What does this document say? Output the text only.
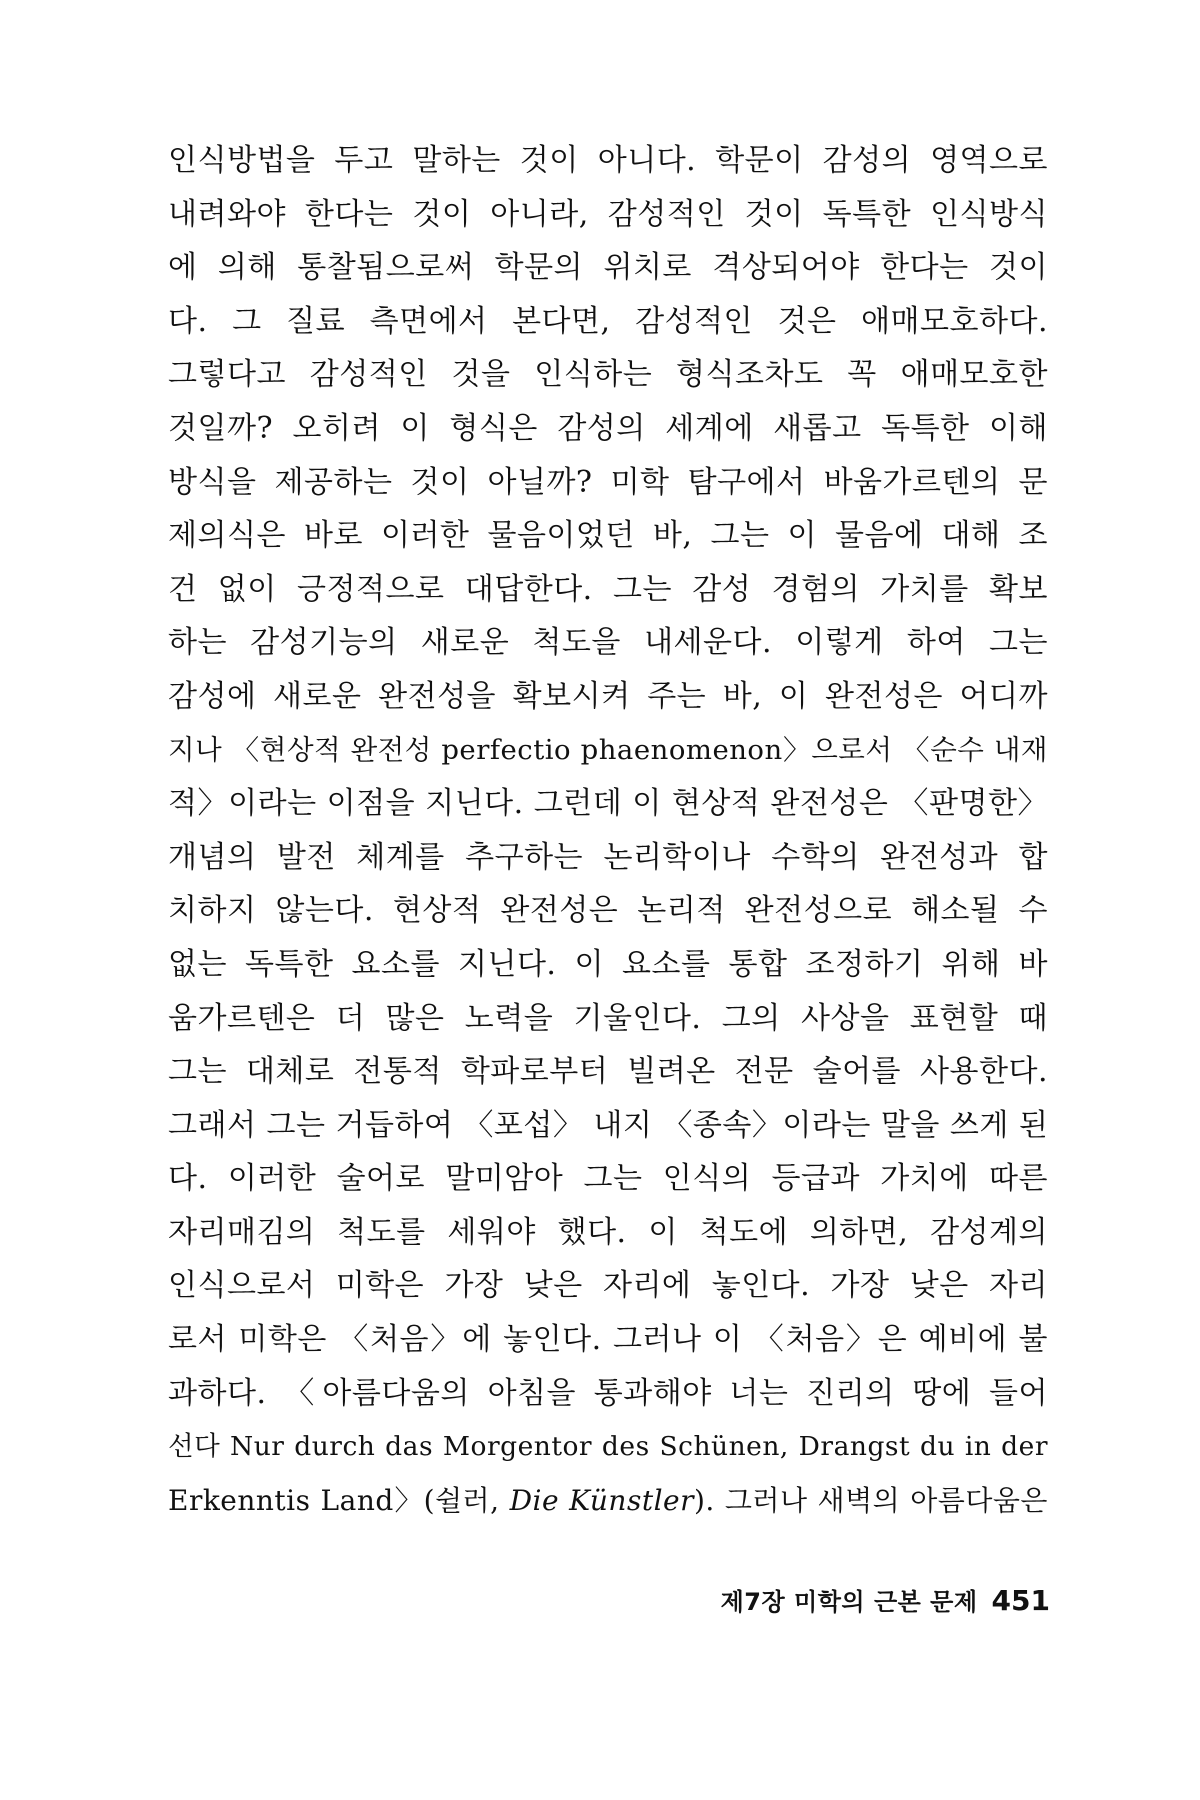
인식방법을 두고 말하는 것이 아니다. 학문이 감성의 영역으로
내려와야 한다는 것이 아니라, 감성적인 것이 독특한 인식방식
에 의해 통찰됨으로써 학문의 위치로 격상되어야 한다는 것이
다. 그 질료 측면에서 본다면, 감성적인 것은 애매모호하다.
그렇다고 감성적인 것을 인식하는 형식조차도 꼭 애매모호한
것일까? 오히려 이 형식은 감성의 세계에 새롭고 독특한 이해
방식을 제공하는 것이 아닐까? 미학 탐구에서 바움가르텐의 문
제의식은 바로 이러한 물음이었던 바, 그는 이 물음에 대해 조
건 없이 긍정적으로 대답한다. 그는 감성 경험의 가치를 확보
하는 감성기능의 새로운 척도을 내세운다. 이렇게 하여 그는
감성에 새로운 완전성을 확보시켜 주는 바, 이 완전성은 어디까
지나 〈현상적 완전성 perfectio phaenomenon〉으로서 〈순수 내재
적〉이라는 이점을 지닌다. 그런데 이 현상적 완전성은 〈판명한〉
개념의 발전 체계를 추구하는 논리학이나 수학의 완전성과 합
치하지 않는다. 현상적 완전성은 논리적 완전성으로 해소될 수
없는 독특한 요소를 지닌다. 이 요소를 통합 조정하기 위해 바
움가르텐은 더 많은 노력을 기울인다. 그의 사상을 표현할 때
그는 대체로 전통적 학파로부터 빌려온 전문 술어를 사용한다.
그래서 그는 거듭하여 〈포섭〉 내지 〈종속〉이라는 말을 쓰게 된
다. 이러한 술어로 말미암아 그는 인식의 등급과 가치에 따른
자리매김의 척도를 세워야 했다. 이 척도에 의하면, 감성계의
인식으로서 미학은 가장 낮은 자리에 놓인다. 가장 낮은 자리
로서 미학은 〈처음〉에 놓인다. 그러나 이 〈처음〉은 예비에 불
과하다. 〈아름다움의 아침을 통과해야 너는 진리의 땅에 들어
선다 Nur durch das Morgentor des Schünen, Drangst du in der
Erkenntis Land〉(쉴러, Die Künstler). 그러나 새벽의 아름다움은
제7장 미학의 근본 문제 451
